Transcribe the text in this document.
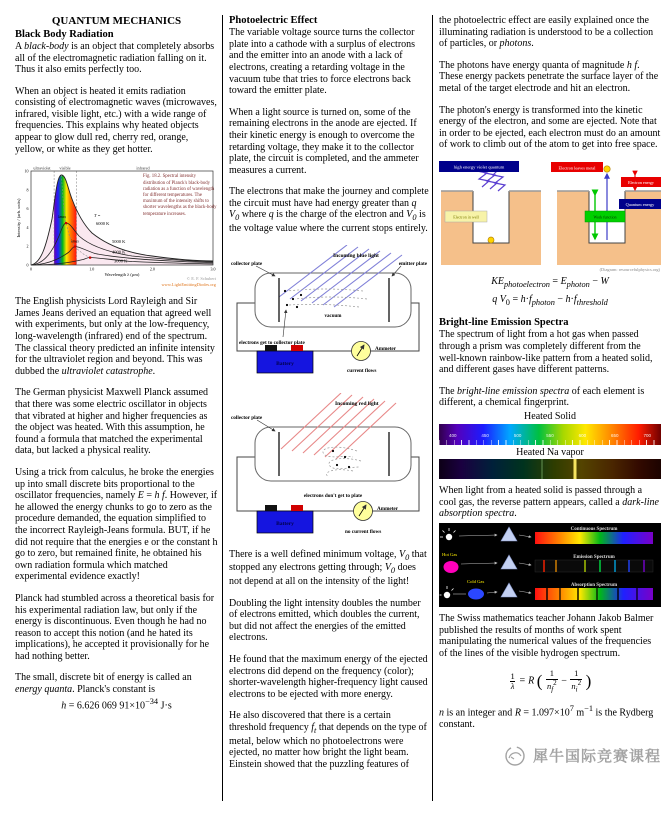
QUANTUM MECHANICS
Black Body Radiation

A black-body is an object that completely absorbs all of the electromagnetic radiation falling on it. Thus it also emits perfectly too.

When an object is heated it emits radiation consisting of electromagnetic waves (microwaves, infrared, visible light, etc.) with a wide range of frequencies. This explains why heated objects appear to glow dull red, cherry red, orange, yellow, or white as they get hotter.

ultraviolet visible	infrared
T =
6000 K
5000 K
4000 K
3000 K
λmax
λmax
0
2
4
6
8
10
0	1.0	2.0	3.0
Wavelength λ (μm)
Intensity / (arb. units)
Fig. 18.2. Spectral intensity distribution of Planck's black-body radiation as a function of wavelength for different temperatures. The maximum of the intensity shifts to shorter wavelengths as the black-body temperature increases.
© E. F. Schubert
www.LightEmittingDiodes.org

The English physicists Lord Rayleigh and Sir James Jeans derived an equation that agreed well with experiments, but only at the low-frequency, long-wavelength (infrared) end of the spectrum. The classical theory predicted an infinite intensity for the ultraviolet region and beyond. This was dubbed the ultraviolet catastrophe.

The German physicist Maxwell Planck assumed that there was some electric oscillator in objects that vibrated at higher and higher frequencies as the object was heated. With this assumption, he found a formula that matched the experimental data, but lacked a physical reality.

Using a trick from calculus, he broke the energies up into small discrete bits proportional to the oscillator frequencies, namely E = h f. However, if he allowed the energy chunks to go to zero as the procedure demanded, the equation simplified to the incorrect Rayleigh-Jeans formula. BUT, if he did not require that the energies e or the constant h go to zero, but remained finite, he obtained his own radiation formula which matched experimental evidence exactly!

Planck had stumbled across a theoretical basis for his experimental radiation law, but only if the energy is discontinuous. Even though he had no reason to accept this notion (and he hated its implications), he accepted it provisionally for he had nothing better.

The small, discrete bit of energy is called an energy quanta. Planck's constant is

h = 6.626 069 $91\times 10^{-34}$ J·s
Photoelectric Effect

The variable voltage source turns the collector plate into a cathode with a surplus of electrons and the emitter into an anode with a lack of electrons, creating a retarding voltage in the vacuum tube that tries to force electrons back toward the emitter plate.

When a light source is turned on, some of the remaining electrons in the anode are ejected. If their kinetic energy is enough to overcome the retarding voltage, they make it to the collector plate, the circuit is completed, and the ammeter measures a current.

The electrons that make the journey and complete the circuit must have had energy greater than q $V_0$ where q is the charge of the electron and $V_0$ is the voltage value where the current stops entirely.

Incoming blue light
collector plate	emitter plate
vacuum
electrons get to collector plate
Ammeter
current flows
Battery
Incoming red light
collector plate
electrons don't get to plate
Ammeter
no current flows
Battery

There is a well defined minimum voltage, $V_0$ that stopped any electrons getting through; $V_0$ does not depend at all on the intensity of the light!

Doubling the light intensity doubles the number of electrons emitted, which doubles the current, but did not affect the energies of the emitted electrons.

He found that the maximum energy of the ejected electrons did depend on the frequency (color); shorter-wavelength higher-frequency light caused electrons to be ejected with more energy.

He also discovered that there is a certain threshold frequency $f_t$ that depends on the type of metal, below which no photoelectrons were ejected, no matter how bright the light beam. Einstein showed that the puzzling features of

the photoelectric effect are easily explained once the illuminating radiation is understood to be a collection of particles, or photons.

The photons have energy quanta of magnitude h f. These energy packets penetrate the surface layer of the metal of the target electrode and hit an electron.

The photon's energy is transformed into the kinetic energy of the electron, and some are ejected. Note that in order to be ejected, each electron must do an amount of work to climb out of the atom to get into free space.

high energy violet quantum
Electron in well
Electron leaves metal
Work function
Electron energy
Quantum energy
(Diagram: resourcefulphysics.org)
$KE_{photoelectron} = E_{photon} - W$
q $V_0 = h\cdot f_{photon} - h\cdot f_{threshold}$
Bright-line Emission Spectra

The spectrum of light from a hot gas when passed through a prism was completely different from the well-known rainbow-like pattern from a heated solid, and different gases have different patterns.

The bright-line emission spectra of each element is different, a chemical fingerprint.

Heated Solid
400	450	500	550	600	650	700
Heated Na vapor

When light from a heated solid is passed through a cool gas, the reverse pattern appears, called a dark-line absorption spectra.

Continuous Spectrum
Hot Gas
Emission Spectrum
Cold Gas
Absorption Spectrum

The Swiss mathematics teacher Johann Jakob Balmer published the results of months of work spent manipulating the numerical values of the frequencies of the lines of the visible hydrogen spectrum.

$\frac{1}{\lambda} = R$ ( $\frac{1}{n_f^2} - \frac{1}{n_i^2}$ )

n is an integer and $R = 1.097\times 10^7$ $m^{-1}$ is the Rydberg constant.

犀牛国际竞赛课程
